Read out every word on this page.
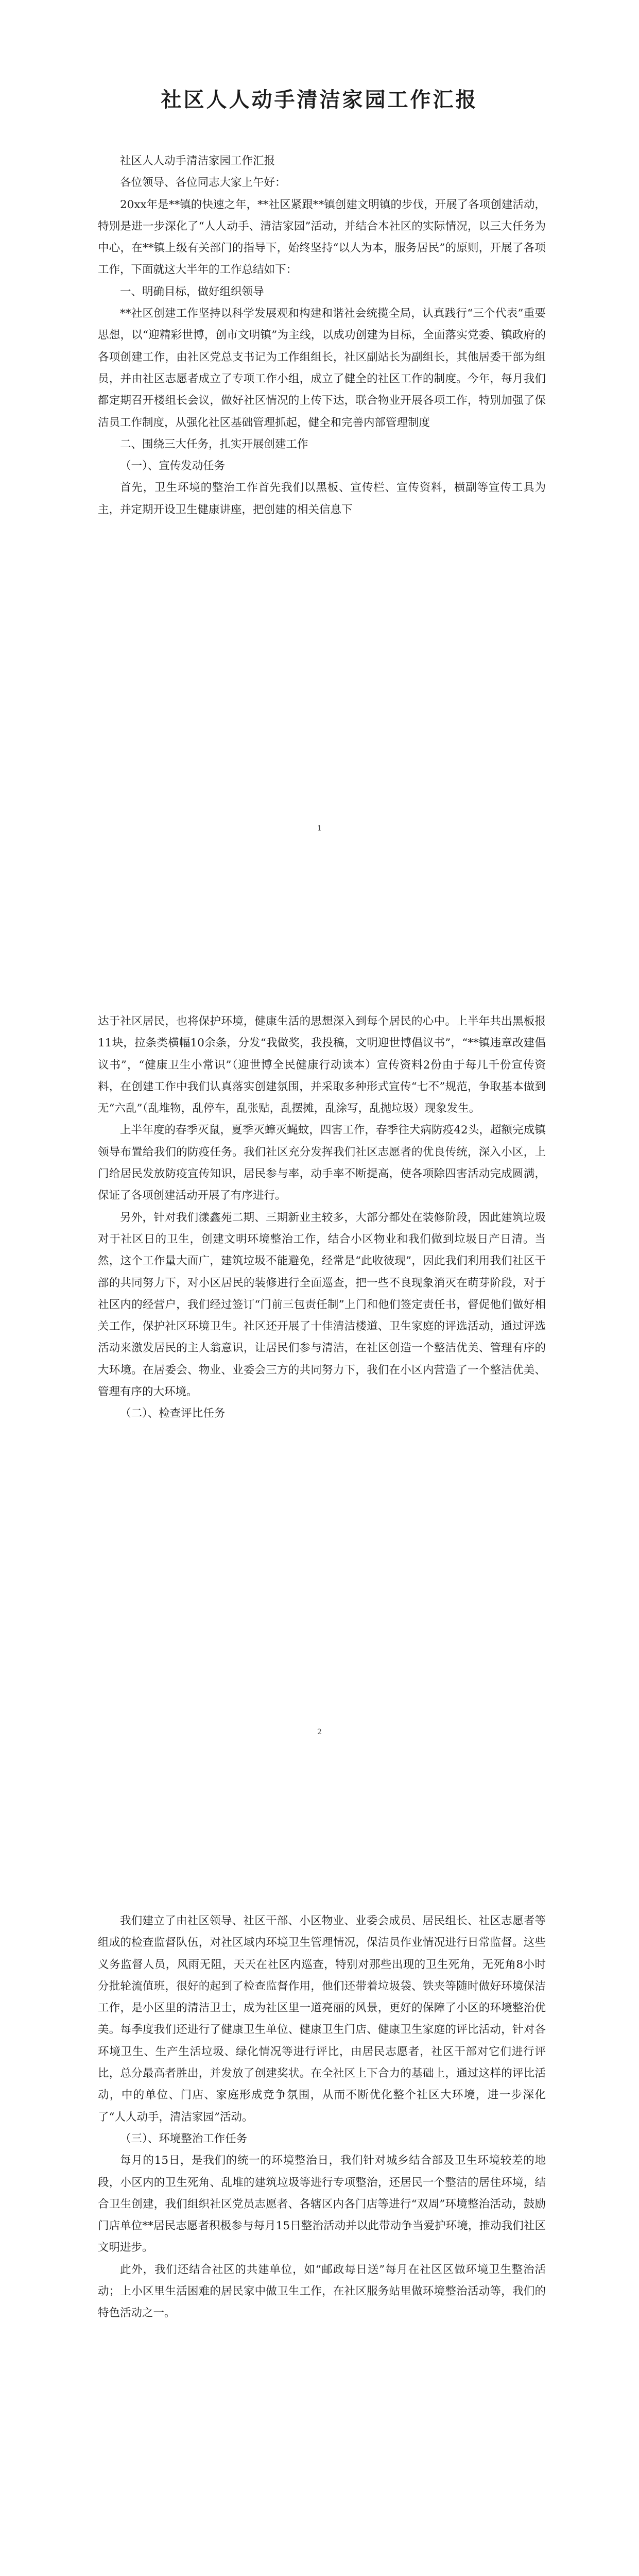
社区人人动手清洁家园工作汇报

社区人人动手清洁家园工作汇报

各位领导、各位同志大家上午好：

20xx年是**镇的快速之年，**社区紧跟**镇创建文明镇的步伐，开展了各项创建活动，特别是进一步深化了“人人动手、清洁家园”活动，并结合本社区的实际情况，以三大任务为中心，在**镇上级有关部门的指导下，始终坚持“以人为本，服务居民”的原则，开展了各项工作，下面就这大半年的工作总结如下：

一、明确目标，做好组织领导

**社区创建工作坚持以科学发展观和构建和谐社会统揽全局，认真践行“三个代表”重要思想，以“迎精彩世博，创市文明镇”为主线，以成功创建为目标，全面落实党委、镇政府的各项创建工作，由社区党总支书记为工作组组长，社区副站长为副组长，其他居委干部为组员，并由社区志愿者成立了专项工作小组，成立了健全的社区工作的制度。今年，每月我们都定期召开楼组长会议，做好社区情况的上传下达，联合物业开展各项工作，特别加强了保洁员工作制度，从强化社区基础管理抓起，健全和完善内部管理制度

二、围绕三大任务，扎实开展创建工作

（一）、宣传发动任务

首先，卫生环境的整治工作首先我们以黑板、宣传栏、宣传资料，横副等宣传工具为主，并定期开设卫生健康讲座，把创建的相关信息下

1

达于社区居民，也将保护环境，健康生活的思想深入到每个居民的心中。上半年共出黑板报11块，拉条类横幅10余条，分发“我做奖，我投稿，文明迎世博倡议书”，“**镇违章改建倡议书”，“健康卫生小常识”（迎世博全民健康行动读本）宣传资料2份由于每几千份宣传资料，在创建工作中我们认真落实创建氛围，并采取多种形式宣传“七不”规范，争取基本做到无“六乱”（乱堆物，乱停车，乱张贴，乱摆摊，乱涂写，乱抛垃圾）现象发生。

上半年度的春季灭鼠，夏季灭蟑灭蝇蚊，四害工作，春季往犬病防疫42头，超额完成镇领导布置给我们的防疫任务。我们社区充分发挥我们社区志愿者的优良传统，深入小区，上门给居民发放防疫宣传知识，居民参与率，动手率不断提高，使各项除四害活动完成圆满，保证了各项创建活动开展了有序进行。

另外，针对我们漾鑫苑二期、三期新业主较多，大部分都处在装修阶段，因此建筑垃圾对于社区日的卫生，创建文明环境整治工作，结合小区物业和我们做到垃圾日产日清。当然，这个工作量大面广，建筑垃圾不能避免，经常是“此收彼现”，因此我们利用我们社区干部的共同努力下，对小区居民的装修进行全面巡查，把一些不良现象消灭在萌芽阶段，对于社区内的经营户，我们经过签订“门前三包责任制”上门和他们签定责任书，督促他们做好相关工作，保护社区环境卫生。社区还开展了十佳清洁楼道、卫生家庭的评选活动，通过评选活动来激发居民的主人翁意识，让居民们参与清洁，在社区创造一个整洁优美、管理有序的大环境。在居委会、物业、业委会三方的共同努力下，我们在小区内营造了一个整洁优美、管理有序的大环境。

（二）、检查评比任务

2

我们建立了由社区领导、社区干部、小区物业、业委会成员、居民组长、社区志愿者等组成的检查监督队伍，对社区域内环境卫生管理情况，保洁员作业情况进行日常监督。这些义务监督人员，风雨无阻，天天在社区内巡查，特别对那些出现的卫生死角，无死角8小时分批轮流值班，很好的起到了检查监督作用，他们还带着垃圾袋、铁夹等随时做好环境保洁工作，是小区里的清洁卫士，成为社区里一道亮丽的风景，更好的保障了小区的环境整治优美。每季度我们还进行了健康卫生单位、健康卫生门店、健康卫生家庭的评比活动，针对各环境卫生、生产生活垃圾、绿化情况等进行评比，由居民志愿者，社区干部对它们进行评比，总分最高者胜出，并发放了创建奖状。在全社区上下合力的基础上，通过这样的评比活动，中的单位、门店、家庭形成竞争氛围，从而不断优化整个社区大环境，进一步深化了“人人动手，清洁家园”活动。

（三）、环境整治工作任务

每月的15日，是我们的统一的环境整治日，我们针对城乡结合部及卫生环境较差的地段，小区内的卫生死角、乱堆的建筑垃圾等进行专项整治，还居民一个整洁的居住环境，结合卫生创建，我们组织社区党员志愿者、各辖区内各门店等进行“双周”环境整治活动，鼓励门店单位**居民志愿者积极参与每月15日整治活动并以此带动争当爱护环境，推动我们社区文明进步。

此外，我们还结合社区的共建单位，如“邮政每日送”每月在社区区做环境卫生整治活动；上小区里生活困难的居民家中做卫生工作，在社区服务站里做环境整治活动等，我们的特色活动之一。
